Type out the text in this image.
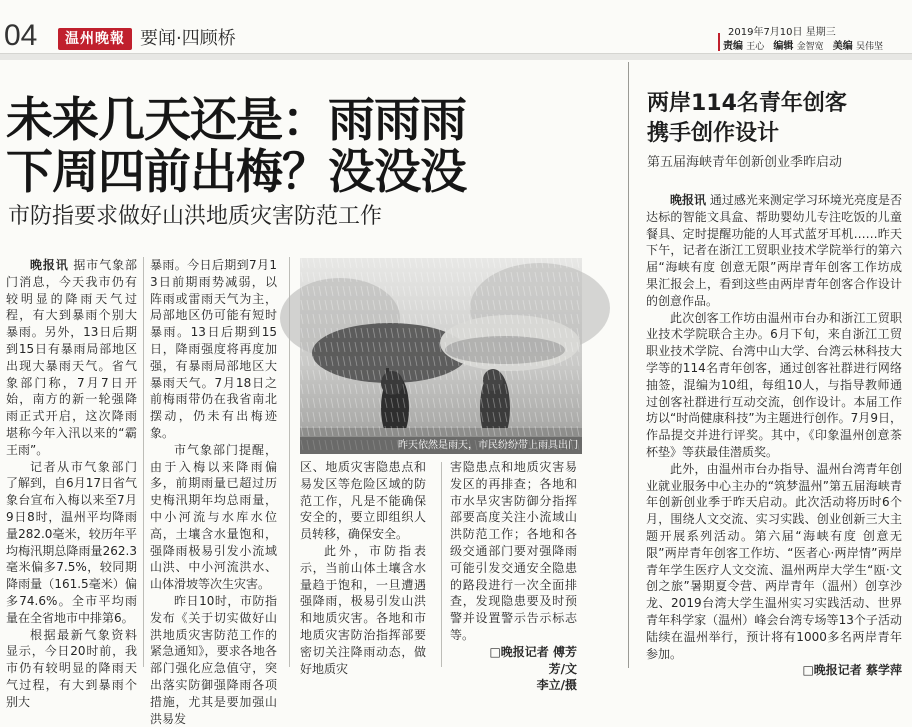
04	温州晚報 要闻·四顾桥	2019年7月10日 星期三
责编 王心 编辑 金智宽 美编 吴伟坚
未来几天还是：雨雨雨
下周四前出梅？没没没
市防指要求做好山洪地质灾害防范工作

晚报讯 据市气象部门消息，今天我市仍有较明显的降雨天气过程，有大到暴雨个别大暴雨。另外，13日后期到15日有暴雨局部地区出现大暴雨天气。省气象部门称，7月7日开始，南方的新一轮强降雨正式开启，这次降雨堪称今年入汛以来的“霸王雨”。

记者从市气象部门了解到，自6月17日省气象台宣布入梅以来至7月9日8时，温州平均降雨量282.0毫米，较历年平均梅汛期总降雨量262.3毫米偏多7.5%，较同期降雨量（161.5毫米）偏多74.6%。全市平均雨量在全省地市中排第6。

根据最新气象资料显示，今日20时前，我市仍有较明显的降雨天气过程，有大到暴雨个别大

暴雨。今日后期到7月13日前期雨势减弱，以阵雨或雷雨天气为主，局部地区仍可能有短时暴雨。13日后期到15日，降雨强度将再度加强，有暴雨局部地区大暴雨天气。7月18日之前梅雨带仍在我省南北摆动，仍未有出梅迹象。

市气象部门提醒，由于入梅以来降雨偏多，前期雨量已超过历史梅汛期年均总雨量，中小河流与水库水位高，土壤含水量饱和，强降雨极易引发小流域山洪、中小河流洪水、山体滑坡等次生灾害。

昨日10时，市防指发布《关于切实做好山洪地质灾害防范工作的紧急通知》，要求各地各部门强化应急值守，突出落实防御强降雨各项措施，尤其是要加强山洪易发

昨天依然是雨天，市民纷纷带上雨具出门

区、地质灾害隐患点和易发区等危险区域的防范工作，凡是不能确保安全的，要立即组织人员转移，确保安全。

此外，市防指表示，当前山体土壤含水量趋于饱和，一旦遭遇强降雨，极易引发山洪和地质灾害。各地和市地质灾害防治指挥部要密切关注降雨动态，做好地质灾

害隐患点和地质灾害易发区的再排查；各地和市水旱灾害防御分指挥部要高度关注小流域山洪防范工作；各地和各级交通部门要对强降雨可能引发交通安全隐患的路段进行一次全面排查，发现隐患要及时预警并设置警示告示标志等。

□晚报记者 傅芳芳/文

李立/摄

两岸114名青年创客
携手创作设计
第五届海峡青年创新创业季昨启动

晚报讯 通过感光来测定学习环境光亮度是否达标的智能文具盒、帮助婴幼儿专注吃饭的儿童餐具、定时提醒功能的人耳式蓝牙耳机……昨天下午，记者在浙江工贸职业技术学院举行的第六届“海峡有度 创意无限”两岸青年创客工作坊成果汇报会上，看到这些由两岸青年创客合作设计的创意作品。

此次创客工作坊由温州市台办和浙江工贸职业技术学院联合主办。6月下旬，来自浙江工贸职业技术学院、台湾中山大学、台湾云林科技大学等的114名青年创客，通过创客社群进行网络抽签，混编为10组，每组10人，与指导教师通过创客社群进行互动交流，创作设计。本届工作坊以“时尚健康科技”为主题进行创作。7月9日，作品提交并进行评奖。其中，《印象温州创意茶杯垫》等获最佳潜质奖。

此外，由温州市台办指导、温州台湾青年创业就业服务中心主办的“筑梦温州”第五届海峡青年创新创业季于昨天启动。此次活动将历时6个月，围绕人文交流、实习实践、创业创新三大主题开展系列活动。第六届“海峡有度 创意无限”两岸青年创客工作坊、“医者心·两岸情”两岸青年学生医疗人文交流、温州两岸大学生“瓯·文创之旅”暑期夏令营、两岸青年（温州）创享沙龙、2019台湾大学生温州实习实践活动、世界青年科学家（温州）峰会台湾专场等13个子活动陆续在温州举行，预计将有1000多名两岸青年参加。

□晚报记者 蔡学萍
